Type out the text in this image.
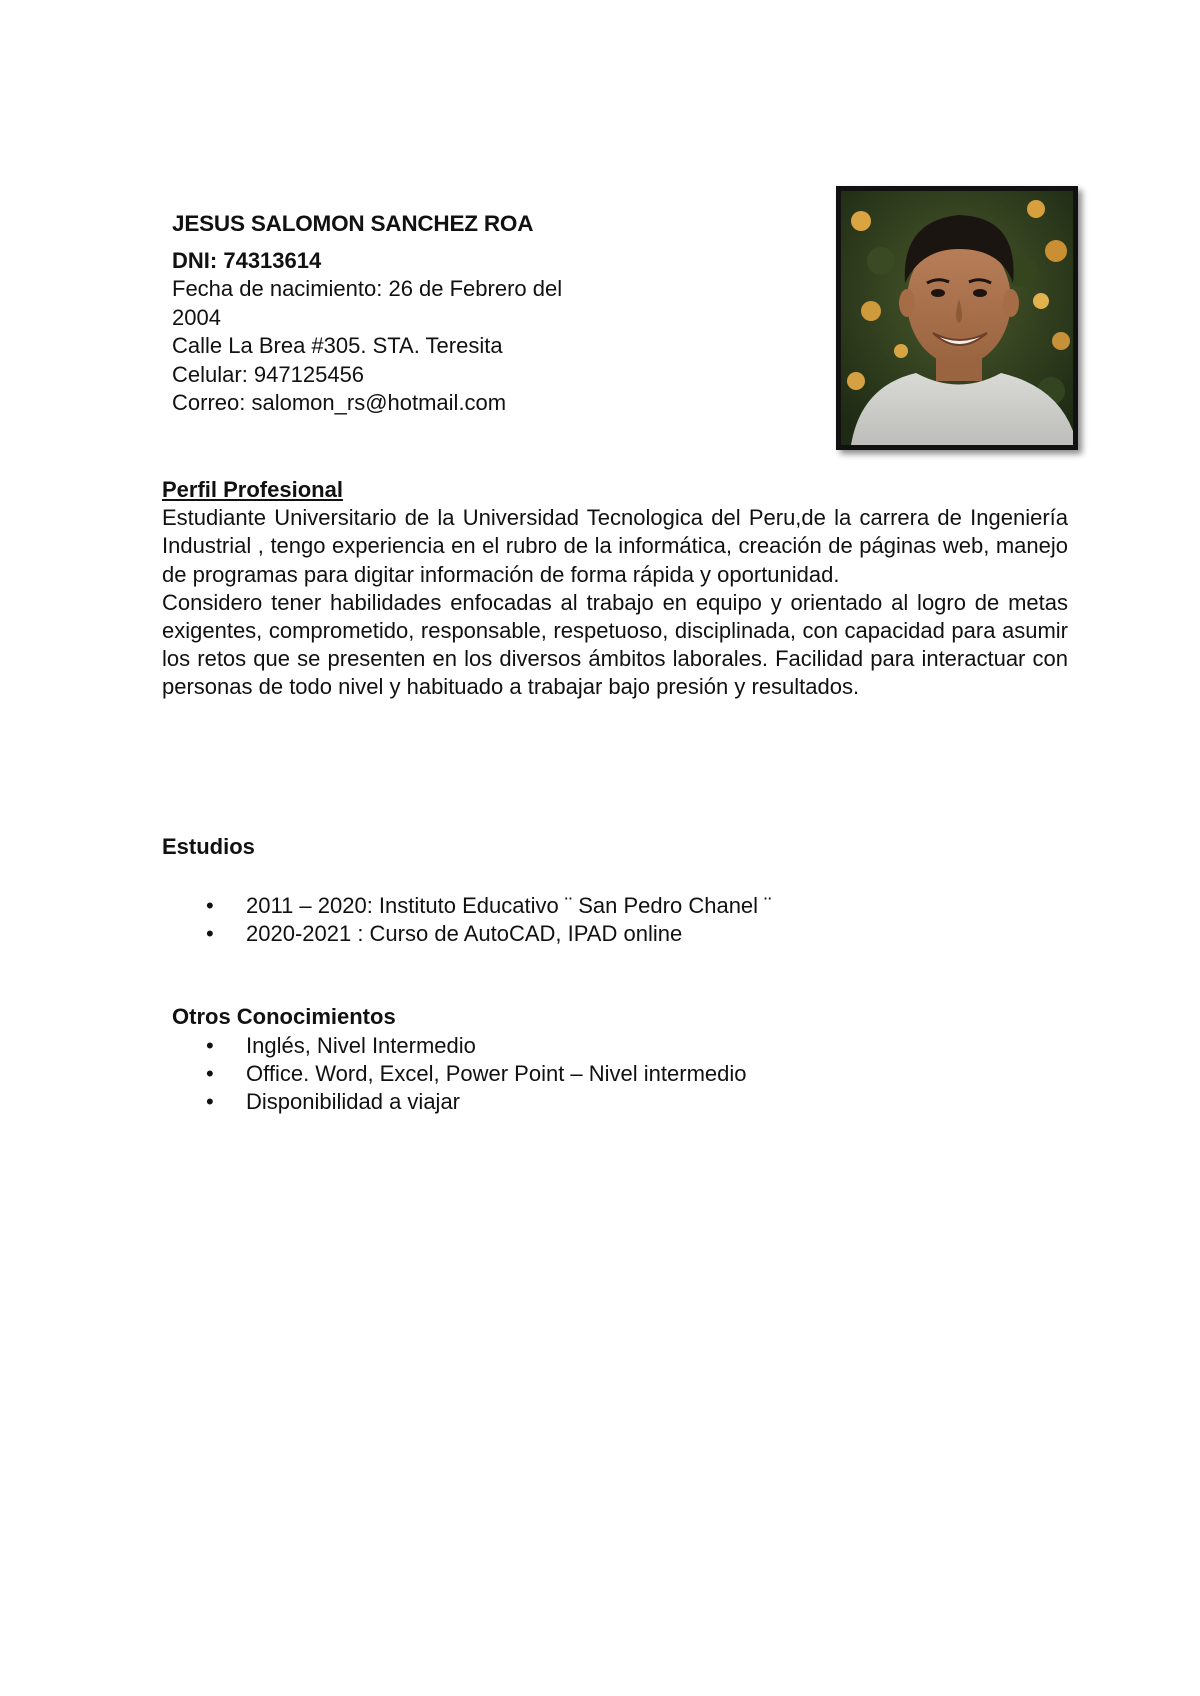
JESUS SALOMON SANCHEZ ROA
DNI: 74313614
Fecha de nacimiento: 26 de Febrero del
2004
Calle La Brea #305. STA. Teresita
Celular: 947125456
Correo: salomon_rs@hotmail.com
Perfil Profesional

Estudiante Universitario de la Universidad Tecnologica del Peru,de la carrera de Ingeniería Industrial , tengo experiencia en el rubro de la informática, creación de páginas web, manejo de programas para digitar información de forma rápida y oportunidad.

Considero tener habilidades enfocadas al trabajo en equipo y orientado al logro de metas exigentes, comprometido, responsable, respetuoso, disciplinada, con capacidad para asumir los retos que se presenten en los diversos ámbitos laborales. Facilidad para interactuar con personas de todo nivel y habituado a trabajar bajo presión y resultados.

Estudios
•	2011 – 2020: Instituto Educativo ¨ San Pedro Chanel ¨
•	2020-2021 : Curso de AutoCAD, IPAD online
Otros Conocimientos
•	Inglés, Nivel Intermedio
•	Office. Word, Excel, Power Point – Nivel intermedio
•	Disponibilidad a viajar
